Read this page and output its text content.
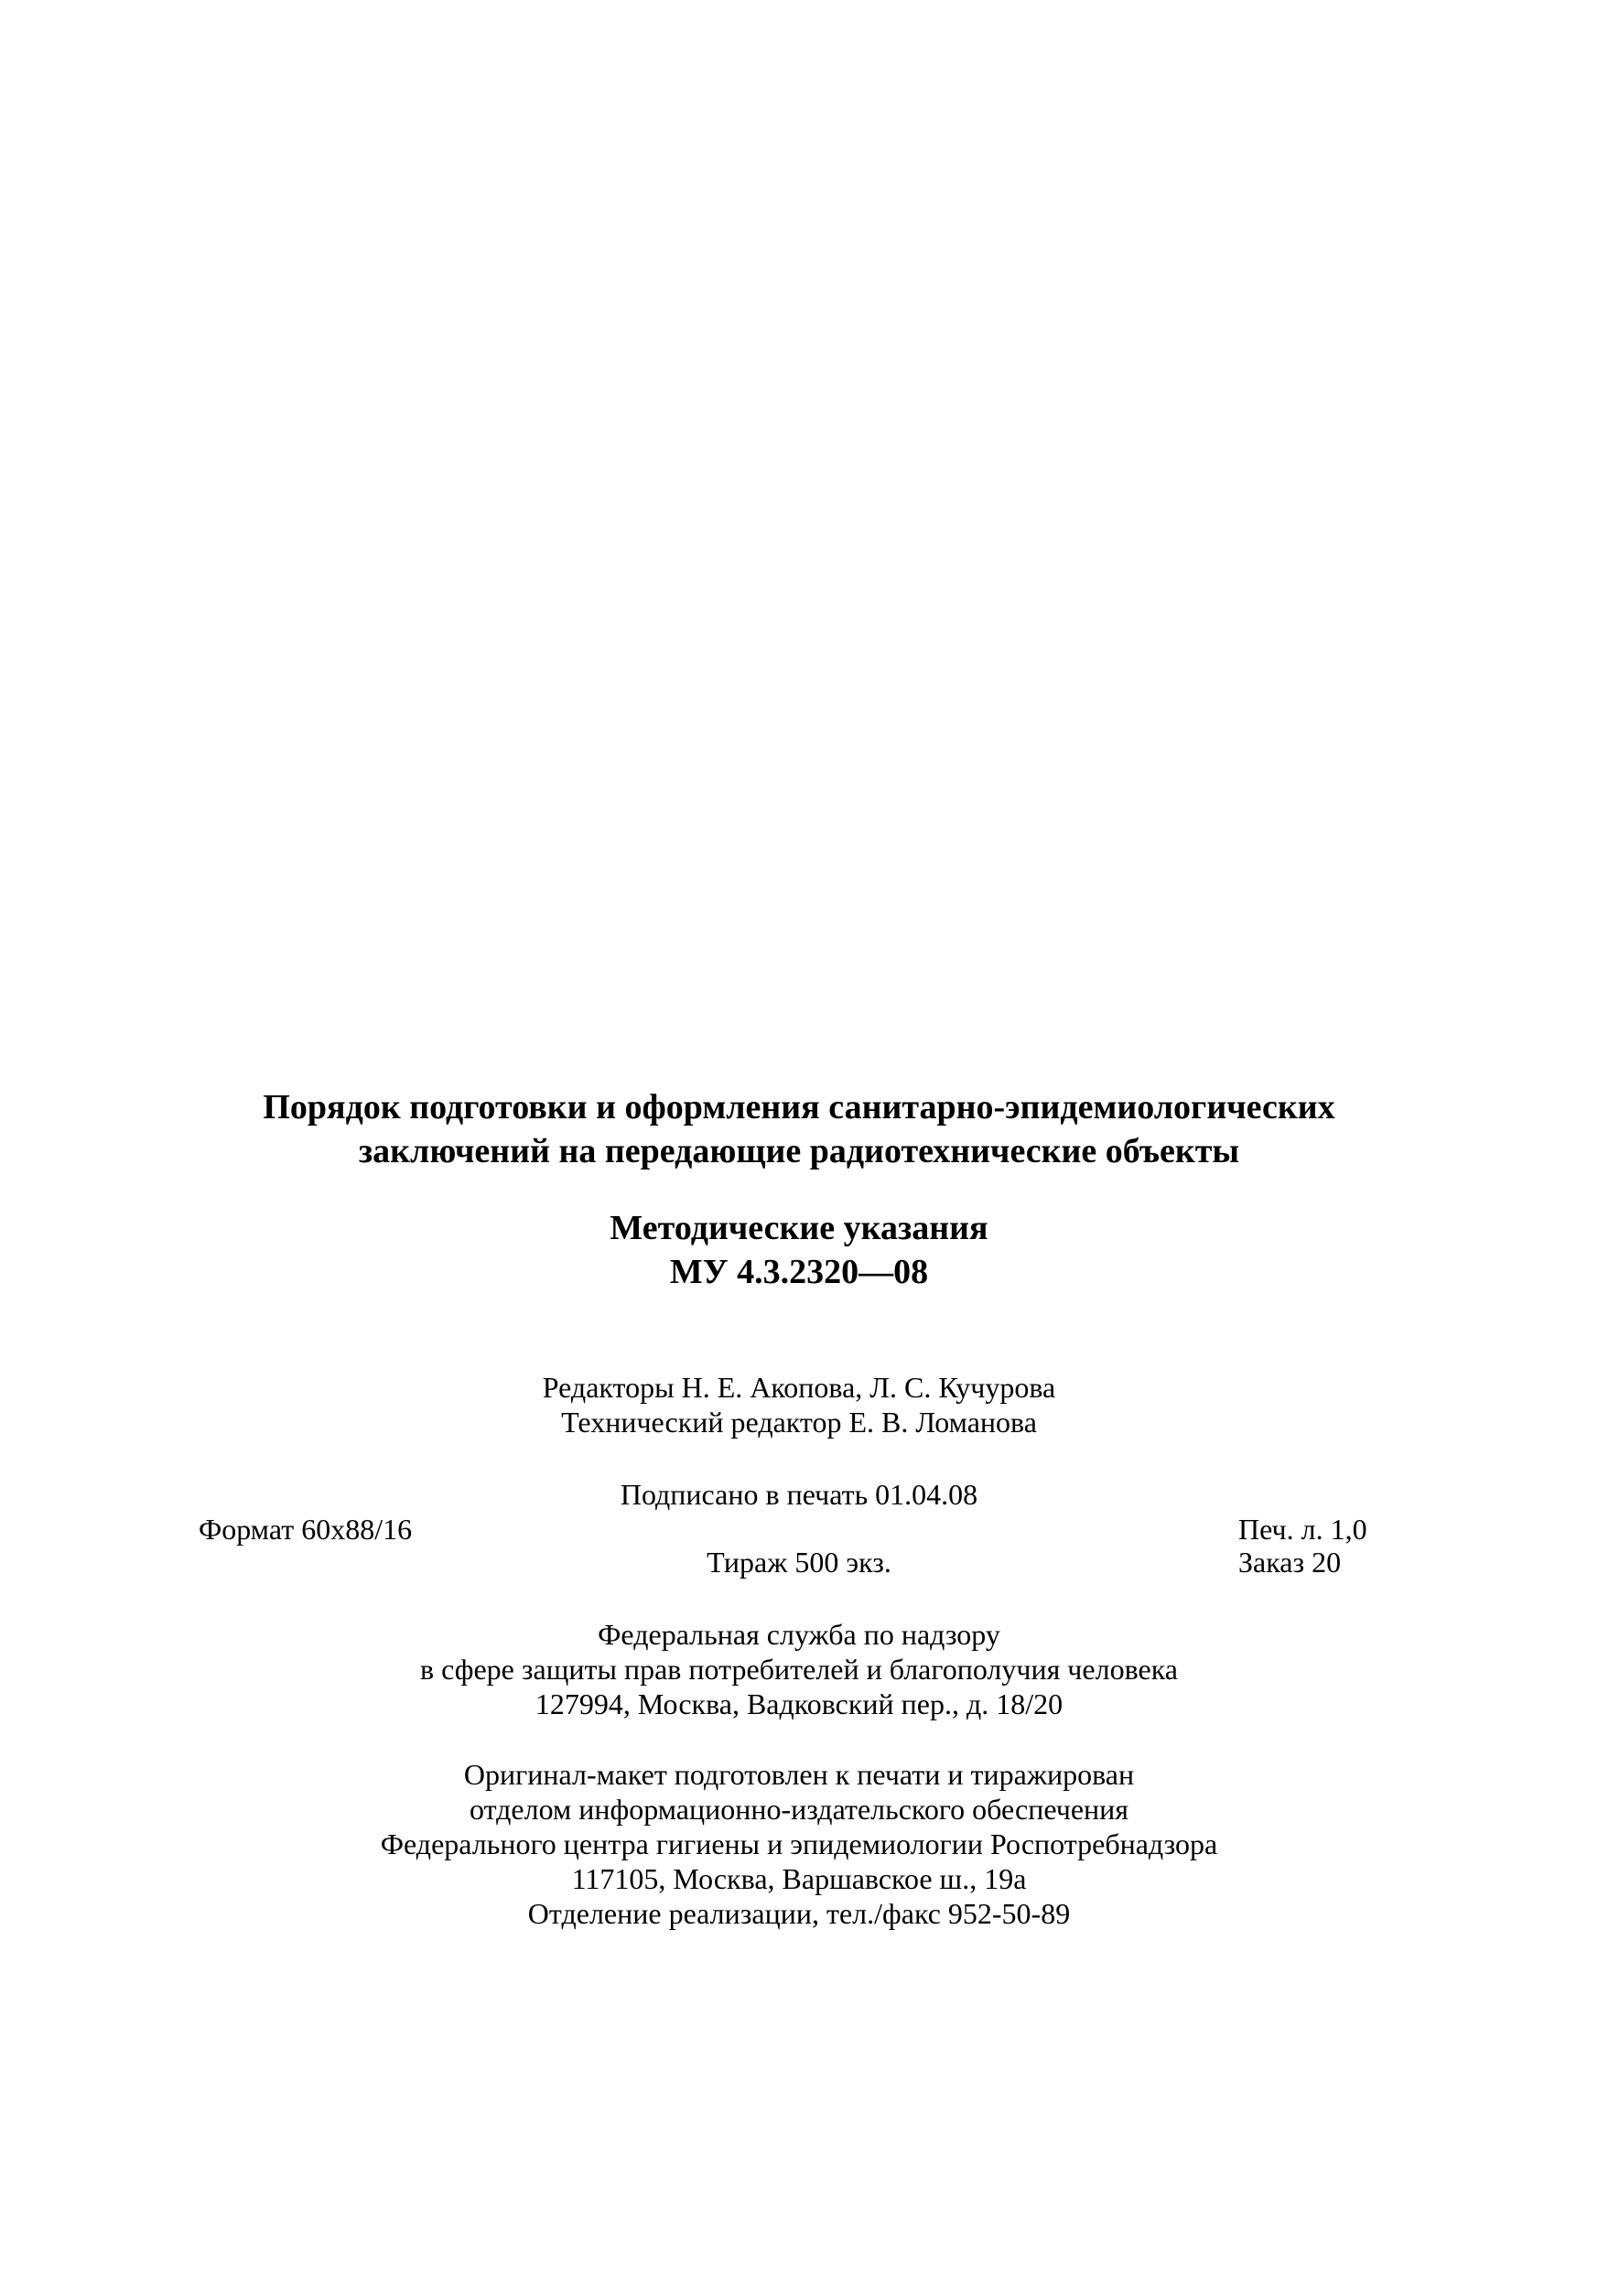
Порядок подготовки и оформления санитарно-эпидемиологических
заключений на передающие радиотехнические объекты
Методические указания
МУ 4.3.2320—08
Редакторы Н. Е. Акопова, Л. С. Кучурова
Технический редактор Е. В. Ломанова
Подписано в печать 01.04.08
Формат 60x88/16	Печ. л. 1,0
Тираж 500 экз.	Заказ 20
Федеральная служба по надзору
в сфере защиты прав потребителей и благополучия человека
127994, Москва, Вадковский пер., д. 18/20
Оригинал-макет подготовлен к печати и тиражирован
отделом информационно-издательского обеспечения
Федерального центра гигиены и эпидемиологии Роспотребнадзора
117105, Москва, Варшавское ш., 19а
Отделение реализации, тел./факс 952-50-89
